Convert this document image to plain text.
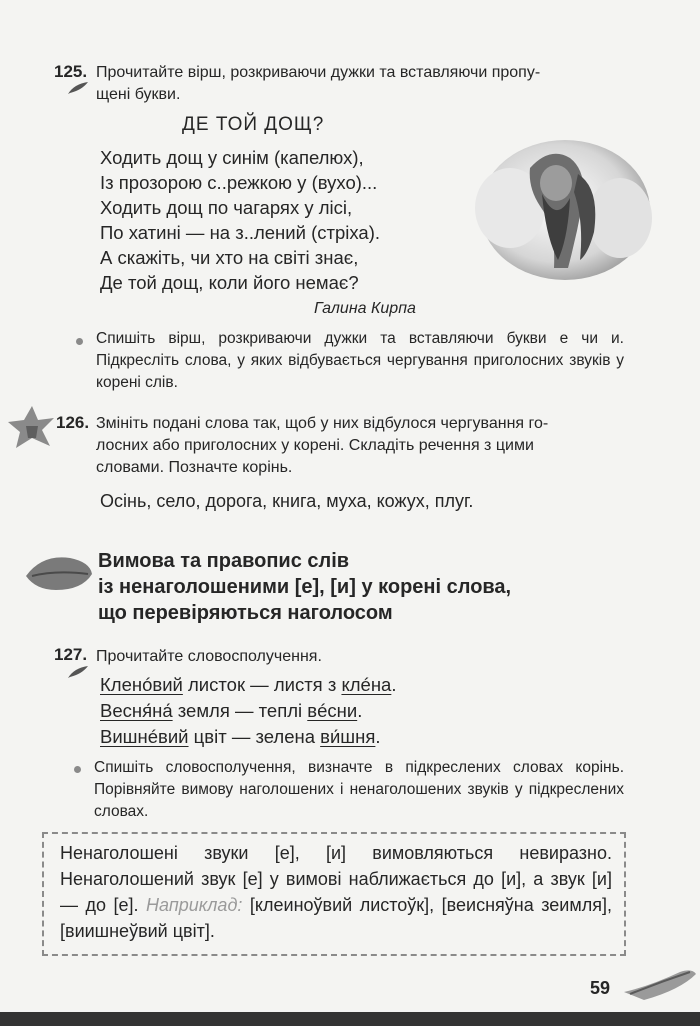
125. Прочитайте вірш, розкриваючи дужки та вставляючи пропу-
щені букви.
ДЕ ТОЙ ДОЩ?
Ходить дощ у синім (капелюх),
Із прозорою с..режкою у (вухо)...
Ходить дощ по чагарях у лісі,
По хатині — на з..лений (стріха).
А скажіть, чи хто на світі знає,
Де той дощ, коли його немає?
Галина Кирпа
Спишіть вірш, розкриваючи дужки та вставляючи букви е чи и. Підкресліть слова, у яких відбувається чергування приголосних звуків у корені слів.
126. Змініть подані слова так, щоб у них відбулося чергування го-
лосних або приголосних у корені. Складіть речення з цими
словами. Позначте корінь.
Осінь, село, дорога, книга, муха, кожух, плуг.
Вимова та правопис слів
із ненаголошеними [е], [и] у корені слова,
що перевіряються наголосом
127. Прочитайте словосполучення.
Кленóвий листок — листя з клéна.
Весня́на́ земля — теплі вéсни.
Вишнéвий цвіт — зелена ви́шня.
Спишіть словосполучення, визначте в підкреслених словах корінь. Порівняйте вимову наголошених і ненаголошених звуків у підкреслених словах.
Ненаголошені звуки [е], [и] вимовляються невиразно. Ненаголошений звук [е] у вимові наближається до [и], а звук [и] — до [е]. Наприклад: [клеиноўвий листоўк], [веисняўна зеимля], [виишнеўвий цвіт].
59
